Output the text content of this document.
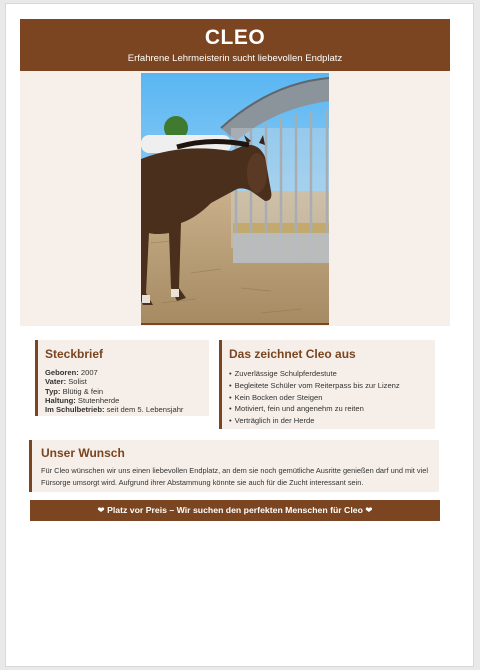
CLEO

Erfahrene Lehrmeisterin sucht liebevollen Endplatz

Steckbrief
Geboren: 2007
Vater: Solist
Typ: Blütig & fein
Haltung: Stutenherde
Im Schulbetrieb: seit dem 5. Lebensjahr
Das zeichnet Cleo aus
• Zuverlässige Schulpferdestute
• Begleitete Schüler vom Reiterpass bis zur Lizenz
• Kein Bocken oder Steigen
• Motiviert, fein und angenehm zu reiten
• Verträglich in der Herde
Unser Wunsch

Für Cleo wünschen wir uns einen liebevollen Endplatz, an dem sie noch gemütliche Ausritte genießen darf und mit viel Fürsorge umsorgt wird. Aufgrund ihrer Abstammung könnte sie auch für die Zucht interessant sein.

❤ Platz vor Preis – Wir suchen den perfekten Menschen für Cleo ❤
